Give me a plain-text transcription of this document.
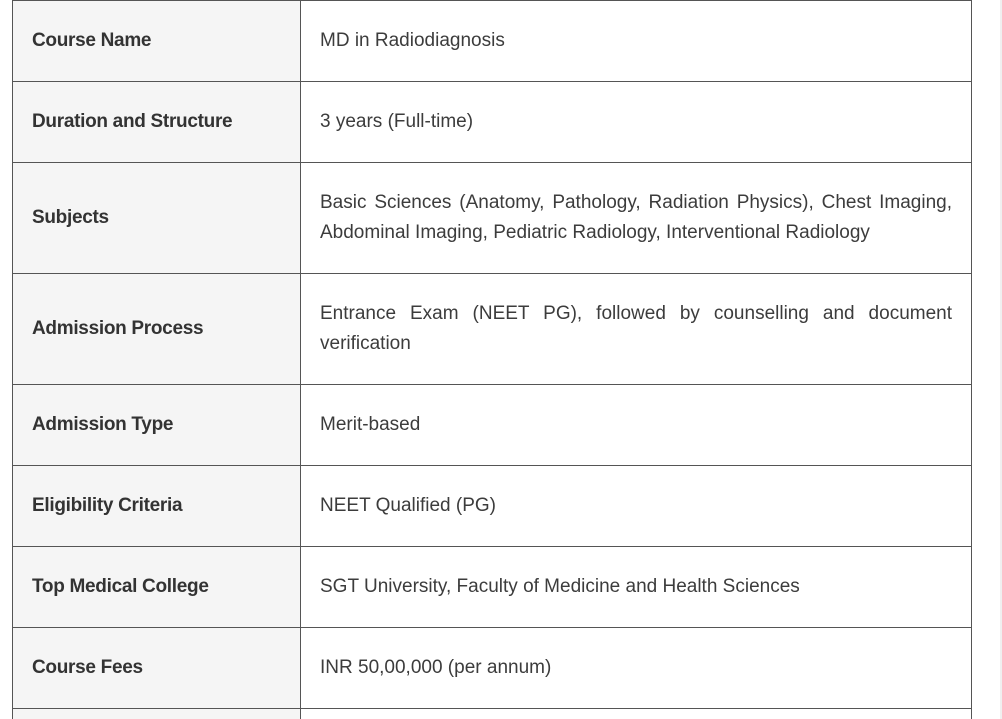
Course Name	MD in Radiodiagnosis
Duration and Structure	3 years (Full-time)
Subjects	Basic Sciences (Anatomy, Pathology, Radiation Physics), Chest Imaging, Abdominal Imaging, Pediatric Radiology, Interventional Radiology
Admission Process	Entrance Exam (NEET PG), followed by counselling and document verification
Admission Type	Merit-based
Eligibility Criteria	NEET Qualified (PG)
Top Medical College	SGT University, Faculty of Medicine and Health Sciences
Course Fees	INR 50,00,000 (per annum)
